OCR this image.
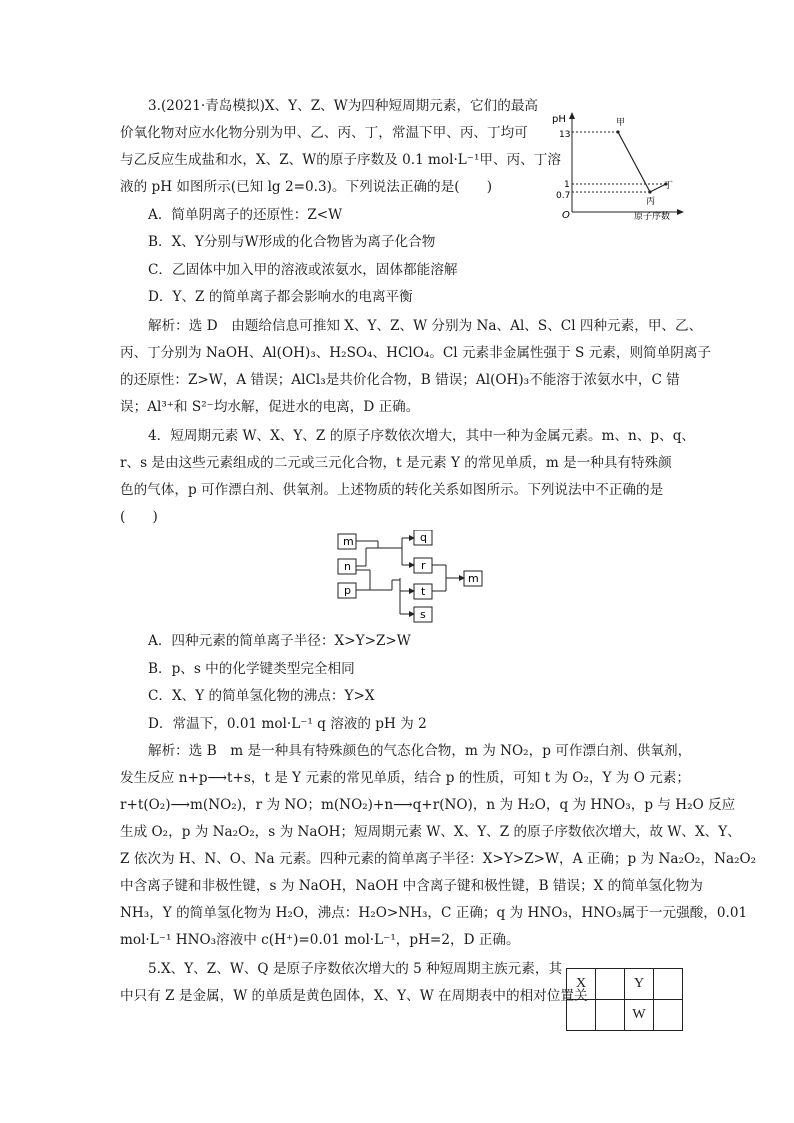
3.(2021·青岛模拟)X、Y、Z、W为四种短周期元素，它们的最高
价氧化物对应水化物分别为甲、乙、丙、丁，常温下甲、丙、丁均可
与乙反应生成盐和水，X、Z、W的原子序数及 0.1 mol·L⁻¹甲、丙、丁溶
液的 pH 如图所示(已知 lg 2=0.3)。下列说法正确的是(　　)
A．简单阴离子的还原性：Z<W
B．X、Y分别与W形成的化合物皆为离子化合物
C．乙固体中加入甲的溶液或浓氨水，固体都能溶解
D．Y、Z 的简单离子都会影响水的电离平衡
解析：选 D　由题给信息可推知 X、Y、Z、W 分别为 Na、Al、S、Cl 四种元素，甲、乙、
丙、丁分别为 NaOH、Al(OH)₃、H₂SO₄、HClO₄。Cl 元素非金属性强于 S 元素，则简单阴离子
的还原性：Z>W，A 错误；AlCl₃是共价化合物，B 错误；Al(OH)₃不能溶于浓氨水中，C 错
误；Al³⁺和 S²⁻均水解，促进水的电离，D 正确。
pH
O	原子序数
13
1
0.7
甲
丁
丙
4．短周期元素 W、X、Y、Z 的原子序数依次增大，其中一种为金属元素。m、n、p、q、
r、s 是由这些元素组成的二元或三元化合物，t 是元素 Y 的常见单质，m 是一种具有特殊颜
色的气体，p 可作漂白剂、供氧剂。上述物质的转化关系如图所示。下列说法中不正确的是
(　　)
m
n
p
q
r
t
s
m
A．四种元素的简单离子半径：X>Y>Z>W
B．p、s 中的化学键类型完全相同
C．X、Y 的简单氢化物的沸点：Y>X
D．常温下，0.01 mol·L⁻¹ q 溶液的 pH 为 2
解析：选 B　m 是一种具有特殊颜色的气态化合物，m 为 NO₂，p 可作漂白剂、供氧剂，
发生反应 n+p⟶t+s，t 是 Y 元素的常见单质，结合 p 的性质，可知 t 为 O₂，Y 为 O 元素；
r+t(O₂)⟶m(NO₂)，r 为 NO；m(NO₂)+n⟶q+r(NO)，n 为 H₂O，q 为 HNO₃，p 与 H₂O 反应
生成 O₂，p 为 Na₂O₂，s 为 NaOH；短周期元素 W、X、Y、Z 的原子序数依次增大，故 W、X、Y、
Z 依次为 H、N、O、Na 元素。四种元素的简单离子半径：X>Y>Z>W，A 正确；p 为 Na₂O₂，Na₂O₂
中含离子键和非极性键，s 为 NaOH，NaOH 中含离子键和极性键，B 错误；X 的简单氢化物为
NH₃，Y 的简单氢化物为 H₂O，沸点：H₂O>NH₃，C 正确；q 为 HNO₃，HNO₃属于一元强酸，0.01
mol·L⁻¹ HNO₃溶液中 c(H⁺)=0.01 mol·L⁻¹，pH=2，D 正确。
5.X、Y、Z、W、Q 是原子序数依次增大的 5 种短周期主族元素，其
中只有 Z 是金属，W 的单质是黄色固体，X、Y、W 在周期表中的相对位置关
X		Y	
		W	
